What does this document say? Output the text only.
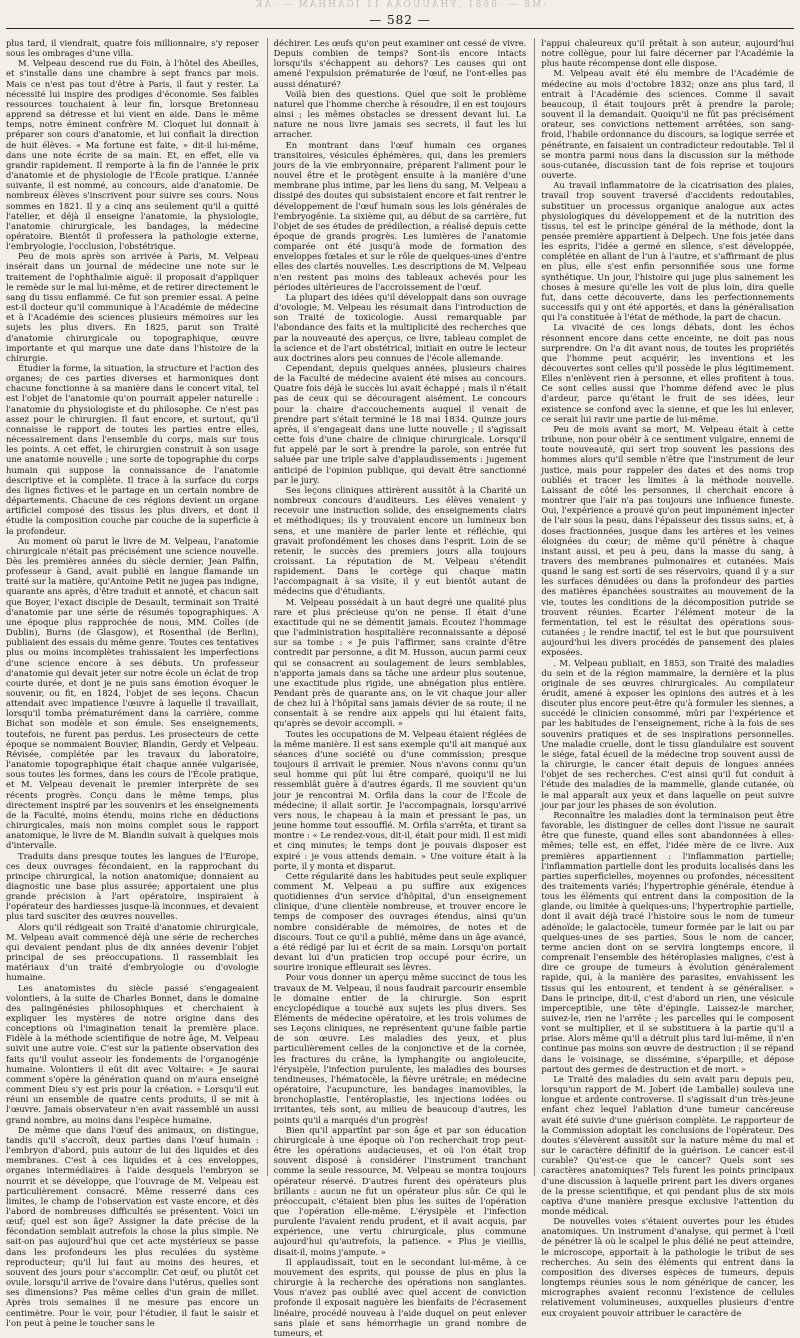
·M8 — ·8681 ,YHAUUOAA 11 IGAHHAM — ·AK
— 582 —

plus tard, il viendrait, quatre fois millionnaire, s'y reposer sous les ombrages d'une villa.

M. Velpeau descend rue du Foin, à l'hôtel des Abeilles, et s'installe dans une chambre à sept francs par mois. Mais ce n'est pas tout d'être à Paris, il faut y rester. La nécessité lui inspire des prodiges d'économie. Ses faibles ressources touchaient à leur fin, lorsque Bretonneau apprend sa détresse et lui vient en aide. Dans le même temps, notre éminent confrère M. Cloquet lui donnait à préparer son cours d'anatomie, et lui confiait la direction de huit élèves. « Ma fortune est faite, » dit-il lui-même, dans une note écrite de sa main. Et, en effet, elle va grandir rapidement. Il remporte à la fin de l'année le prix d'anatomie et de physiologie de l'École pratique. L'année suivante, il est nommé, au concours, aide d'anatomie. De nombreux élèves s'inscrivent pour suivre ses cours. Nous sommes en 1821. Il y a cinq ans seulement qu'il a quitté l'atelier, et déjà il enseigne l'anatomie, la physiologie, l'anatomie chirurgicale, les bandages, la médecine opératoire. Bientôt il professera la pathologie externe, l'embryologie, l'occlusion, l'obstétrique.

Peu de mois après son arrivée à Paris, M. Velpeau insérait dans un journal de médecine une note sur le traitement de l'ophthalmie aiguë: il proposait d'appliquer le remède sur le mal lui-même, et de retirer directement le sang du tissu enflammé. Ce fut son premier essai. A peine est-il docteur qu'il communique à l'Académie de médecine et à l'Académie des sciences plusieurs mémoires sur les sujets les plus divers. En 1825, parut son Traité d'anatomie chirurgicale ou topographique, œuvre importante et qui marque une date dans l'histoire de la chirurgie.

Étudier la forme, la situation, la structure et l'action des organes; de ces parties diverses et harmoniques dont chacune fonctionne à sa manière dans le concert vital, tel est l'objet de l'anatomie qu'on pourrait appeler naturelle : l'anatomie du physiologiste et du philosophe. Ce n'est pas assez pour le chirurgien. Il faut encore, et surtout, qu'il connaisse le rapport de toutes les parties entre elles, nécessairement dans l'ensemble du corps, mais sur tous les points. A cet effet, le chirurgien construit à son usage une anatomie nouvelle ; une sorte de topographie du corps humain qui suppose la connaissance de l'anatomie descriptive et la complète. Il trace à la surface du corps des lignes fictives et le partage en un certain nombre de départements. Chacune de ces régions devient un organe artificiel composé des tissus les plus divers, et dont il étudie la composition couche par couche de la superficie à la profondeur.

Au moment où parut le livre de M. Velpeau, l'anatomie chirurgicale n'était pas précisément une science nouvelle. Dès les premières années du siècle dernier, Jean Palfin, professeur à Gand, avait publié en langue flamande un traité sur la matière, qu'Antoine Petit ne jugea pas indigne, quarante ans après, d'être traduit et annoté, et chacun sait que Boyer, l'exact disciple de Desault, terminait son Traité d'anatomie par une série de résumés topographiques. A une époque plus rapprochée de nous, MM. Colles (de Dublin), Burns (de Glasgow), et Rosenthal (de Berlin), publiaient des essais du même genre. Toutes ces tentatives plus ou moins incomplètes trahissaient les imperfections d'une science encore à ses débuts. Un professeur d'anatomie qui devait jeter sur notre école un éclat de trop courte durée, et dont je ne puis sans émotion évoquer le souvenir, ou fit, en 1824, l'objet de ses leçons. Chacun attendait avec impatience l'œuvre à laquelle il travaillait, lorsqu'il tomba prématurément dans la carrière, comme Bichat son modèle et son émule. Ses enseignements, toutefois, ne furent pas perdus. Les prosecteurs de cette époque se nommaient Bouvier, Blandin, Gerdy et Velpeau. Révisée, complétée par les travaux du laboratoire, l'anatomie topographique était chaque année vulgarisée, sous toutes les formes, dans les cours de l'École pratique, et M. Velpeau devenait le premier interprète de ses récents progrès. Conçu dans le même temps, plus directement inspiré par les souvenirs et les enseignements de la Faculté, moins étendu, moins riche en déductions chirurgicales, mais non moins complet sous le rapport anatomique, le livre de M. Blandin suivait à quelques mois d'intervalle.

Traduits dans presque toutes les langues de l'Europe, ces deux ouvrages fécondaient, en la rapprochant du principe chirurgical, la notion anatomique; donnaient au diagnostic une base plus assurée; apportaient une plus grande précision à l'art opératoire, inspiraient à l'opérateur des hardiesses jusque-là inconnues, et devaient plus tard susciter des œuvres nouvelles.

Alors qu'il rédigeait son Traité d'anatomie chirurgicale, M. Velpeau avait commencé déjà une série de recherches qui devaient pendant plus de dix années devenir l'objet principal de ses préoccupations. Il rassemblait les matériaux d'un traité d'embryologie ou d'ovologie humaine.

Les anatomistes du siècle passé s'engageaient volontiers, à la suite de Charles Bonnet, dans le domaine des palingénésies philosophiques et cherchaient à expliquer les mystères de notre origine dans des conceptions où l'imagination tenait la première place. Fidèle à la méthode scientifique de notre âge, M. Velpeau suivit une autre voie. C'est sur la patiente observation des faits qu'il voulut asseoir les fondements de l'organogénie humaine. Volontiers il eût dit avec Voltaire: « Je saurai comment s'opère la génération quand on m'aura enseigné comment Dieu s'y est pris pour la création. » Lorsqu'il eut réuni un ensemble de quatre cents produits, il se mit à l'œuvre. Jamais observateur n'en avait rassemblé un aussi grand nombre, au moins dans l'espèce humaine.

De même que dans l'œuf des animaux, on distingue, tandis qu'il s'accroît, deux parties dans l'œuf humain : l'embryon d'abord, puis autour de lui des liquides et des membranes. C'est à ces liquides et à ces enveloppes, organes intermédiaires à l'aide desquels l'embryon se nourrit et se développe, que l'ouvrage de M. Velpeau est particulièrement consacré. Même resserré dans ces limites, le champ de l'observation est vaste encore, et dès l'abord de nombreuses difficultés se présentent. Voici un œuf; quel est son âge? Assigner la date précise de la fécondation semblait autrefois la chose la plus simple. Ne sait-on pas aujourd'hui que cet acte mystérieux se passe dans les profondeurs les plus reculées du système reproducteur; qu'il lui faut au moins des heures, et souvent des jours pour s'accomplir. Cet œuf, ou plutôt cet ovule, lorsqu'il arrive de l'ovaire dans l'utérus, quelles sont ses dimensions? Pas même celles d'un grain de millet. Après trois semaines il ne mesure pas encore un centimètre. Pour le voir, pour l'étudier, il faut le saisir et l'on peut à peine le toucher sans le

déchirer. Les œufs qu'on peut examiner ont cessé de vivre. Depuis combien de temps? Sont-ils encore intacts lorsqu'ils s'échappent au dehors? Les causes qui ont amené l'expulsion prématurée de l'œuf, ne l'ont-elles pas aussi dénaturé?

Voilà bien des questions. Quel que soit le problème naturel que l'homme cherche à résoudre, il en est toujours ainsi ; les mêmes obstacles se dressent devant lui. La nature ne nous livre jamais ses secrets, il faut les lui arracher.

En montrant dans l'œuf humain ces organes transitoires, vésicules éphémères, qui, dans les premiers jours de la vie embryonnaire, préparent l'aliment pour le nouvel être et le protègent ensuite à la manière d'une membrane plus intime, par les liens du sang, M. Velpeau a dissipé des doutes qui subsistaient encore et fait rentrer le développement de l'œuf humain sous les lois générales de l'embryogénie. La sixième qui, au début de sa carrière, fut l'objet de ses études de prédilection, a réalisé depuis cette époque de grands progrès. Les lumières de l'anatomie comparée ont été jusqu'à mode de formation des enveloppes fœtales et sur le rôle de quelques-unes d'entre elles des clartés nouvelles. Les descriptions de M. Velpeau n'en restent pas moins des tableaux achevés pour les périodes ultérieures de l'accroissement de l'œuf.

La plupart des idées qu'il développait dans son ouvrage d'ovologie, M. Velpeau les résumait dans l'introduction de son Traité de toxicologie. Aussi remarquable par l'abondance des faits et la multiplicité des recherches que par la nouveauté des aperçus, ce livre, tableau complet de la science et de l'art obstétrical, initiait en outre le lecteur aux doctrines alors peu connues de l'école allemande.

Cependant, depuis quelques années, plusieurs chaires de la Faculté de médecine avaient été mises au concours. Quatre fois déjà le succès lui avait échappé ; mais il n'était pas de ceux qui se découragent aisément. Le concours pour la chaire d'accouchements auquel il venait de prendre part s'était terminé le 18 mai 1834. Quinze jours après, il s'engageait dans une lutte nouvelle ; il s'agissait cette fois d'une chaire de clinique chirurgicale. Lorsqu'il fut appelé par le sort à prendre la parole, son entrée fut saluée par une triple salve d'applaudissements : jugement anticipé de l'opinion publique, qui devait être sanctionné par le jury.

Ses leçons cliniques attirèrent aussitôt à la Charité un nombreux concours d'auditeurs. Les élèves venaient y recevoir une instruction solide, des enseignements clairs et méthodiques; ils y trouvaient encore un lumineux bon sens, et une manière de parler lente et réfléchie, qui gravait profondément les choses dans l'esprit. Loin de se retenir, le succès des premiers jours alla toujours croissant. La réputation de M. Velpeau s'étendit rapidement. Dans le cortège qui chaque matin l'accompagnait à sa visite, il y eut bientôt autant de médecins que d'étudiants.

M. Velpeau possédait à un haut degré une qualité plus rare et plus précieuse qu'on ne pense. Il était d'une exactitude qui ne se démentit jamais. Écoutez l'hommage que l'administration hospitalière reconnaissante a déposé sur sa tombe : « Je puis l'affirmer, sans crainte d'être contredit par personne, a dit M. Husson, aucun parmi ceux qui se consacrent au soulagement de leurs semblables, n'apporta jamais dans sa tâche une ardeur plus soutenue, une exactitude plus rigide, une abnégation plus entière. Pendant près de quarante ans, on le vit chaque jour aller de chez lui à l'hôpital sans jamais dévier de sa route; il ne consentait à se rendre aux appels qui lui étaient faits, qu'après se devoir accompli. »

Toutes les occupations de M. Velpeau étaient réglées de la même manière. Il est sans exemple qu'il ait manqué aux séances d'une société ou d'une commission; presque toujours il arrivait le premier. Nous n'avons connu qu'un seul homme qui pût lui être comparé, quoiqu'il ne lui ressemblât guère à d'autres égards. Il me souvient qu'un jour je rencontrai M. Orfila dans la cour de l'École de médecine; il allait sortir. Je l'accompagnais, lorsqu'arrivé vers nous, le chapeau à la main et pressant le pas, un jeune homme tout essoufflé. M. Orfila s'arrêta, et tirant sa montre : « Le rendez-vous, dit-il, était pour midi. Il est midi et cinq minutes; le temps dont je pouvais disposer est expiré : je vous attends demain. » Une voiture était à la porte, il y monta et disparut.

Cette régularité dans les habitudes peut seule expliquer comment M. Velpeau a pu suffire aux exigences quotidiennes d'un service d'hôpital, d'un enseignement clinique, d'une clientèle nombreuse, et trouver encore le temps de composer des ouvrages étendus, ainsi qu'un nombre considérable de mémoires, de notes et de discours. Tout ce qu'il a publié, même dans un âge avancé, a été rédigé par lui et écrit de sa main. Lorsqu'on portait devant lui d'un praticien trop occupé pour écrire, un sourire ironique effleurait ses lèvres.

Pour vous donner un aperçu même succinct de tous les travaux de M. Velpeau, il nous faudrait parcourir ensemble le domaine entier de la chirurgie. Son esprit encyclopédique a touché aux sujets les plus divers. Ses Éléments de médecine opératoire, et les trois volumes de ses Leçons cliniques, ne représentent qu'une faible partie de son œuvre. Les maladies des yeux, et plus particulièrement celles de la conjonctive et de la cornée, les fractures du crâne, la lymphangite ou angioleucite, l'érysipèle, l'infection purulente, les maladies des bourses tendineuses, l'hématocèle, la fièvre urétrale; en médecine opératoire, l'acupuncture, les bandages inamovibles, la bronchoplastie, l'entéroplastie, les injections iodées ou irritantes, tels sont, au milieu de beaucoup d'autres, les points qu'il a marqués d'un progrès!

Bien qu'il appartînt par son âge et par son éducation chirurgicale à une époque où l'on recherchait trop peut-être les opérations audacieuses, et où l'on était trop souvent disposé à considérer l'instrument tranchant comme la seule ressource, M. Velpeau se montra toujours opérateur réservé. D'autres furent des opérateurs plus brillants : aucun ne fut un opérateur plus sûr. Ce qui le préoccupait, c'étaient bien plus les suites de l'opération que l'opération elle-même. L'érysipèle et l'infection purulente l'avaient rendu prudent, et il avait acquis, par expérience, une vertu chirurgicale, plus commune aujourd'hui qu'autrefois, la patience. « Plus je vieillis, disait-il, moins j'ampute. »

Il applaudissait, tout en le secondant lui-même, à ce mouvement des esprits, qui pousse de plus en plus la chirurgie à la recherche des opérations non sanglantes. Vous n'avez pas oublié avec quel accent de conviction profonde il exposait naguère les bienfaits de l'écrasement linéaire, procédé nouveau à l'aide duquel on peut enlever sans plaie et sans hémorrhagie un grand nombre de tumeurs, et

l'appui chaleureux qu'il prêtait à son auteur, aujourd'hui notre collègue, pour lui faire décerner par l'Académie la plus haute récompense dont elle dispose.

M. Velpeau avait été élu membre de l'Académie de médecine au mois d'octobre 1832; onze ans plus tard, il entrait à l'Académie des sciences. Comme il savait beaucoup, il était toujours prêt à prendre la parole; souvent il la demandait. Quoiqu'il ne fût pas précisément orateur, ses convictions nettement arrêtées, son sang-froid, l'habile ordonnance du discours, sa logique serrée et pénétrante, en faisaient un contradicteur redoutable. Tel il se montra parmi nous dans la discussion sur la méthode sous-cutanée, discussion tant de fois reprise et toujours ouverte.

Au travail inflammatoire de la cicatrisation des plaies, travail trop souvent traversé d'accidents redoutables, substituer un processus organique analogue aux actes physiologiques du développement et de la nutrition des tissus, tel est le principe général de la méthode, dont la pensée première appartient à Delpech. Une fois jetée dans les esprits, l'idée a germé en silence, s'est développée, complétée en allant de l'un à l'autre, et s'affirmant de plus en plus, elle s'est enfin personnifiée sous une forme synthétique. Un jour, l'histoire qui juge plus sainement les choses à mesure qu'elle les voit de plus loin, dira quelle fut, dans cette découverte, dans les perfectionnements successifs qui y ont été apportés, et dans la généralisation qui l'a constituée à l'état de méthode, la part de chacun.

La vivacité de ces longs débats, dont les échos résonnent encore dans cette enceinte, ne doit pas nous surprendre. On l'a dit avant nous, de toutes les propriétés que l'homme peut acquérir, les inventions et les découvertes sont celles qu'il possède le plus légitimement. Elles n'enlèvent rien à personne, et elles profitent à tous. Ce sont celles aussi que l'homme défend avec le plus d'ardeur, parce qu'étant le fruit de ses idées, leur existence se confond avec la sienne, et que les lui enlever, ce serait lui ravir une partie de lui-même.

Peu de mois avant sa mort, M. Velpeau était à cette tribune, non pour obéir à ce sentiment vulgaire, ennemi de toute nouveauté, qui sert trop souvent les passions des hommes alors qu'il semble n'être que l'instrument de leur justice, mais pour rappeler des dates et des noms trop oubliés et tracer les limites à la méthode nouvelle. Laissant de côté les personnes, il cherchait encore à montrer que l'air n'a pas toujours une influence funeste. Oui, l'expérience a prouvé qu'on peut impunément injecter de l'air sous la peau, dans l'épaisseur des tissus sains, et, à doses fractionnées, jusque dans les artères et les veines éloignées du cœur; de même qu'il pénètre à chaque instant aussi, et peu à peu, dans la masse du sang, à travers des membranes pulmonaires et cutanées. Mais quand le sang est sorti de ses réservoirs, quand il y a sur les surfaces dénudées ou dans la profondeur des parties des matières épanchées soustraites au mouvement de la vie, toutes les conditions de la décomposition putride se trouvent réunies. Écarter l'élément moteur de la fermentation, tel est le résultat des opérations sous-cutanées ; le rendre inactif, tel est le but que poursuivent aujourd'hui les divers procédés de pansement des plaies exposées.

. M. Velpeau publiait, en 1853, son Traité des maladies du sein et de la région mammaire, la dernière et la plus originale de ses œuvres chirurgicales. Au compilateur érudit, amené à exposer les opinions des autres et à les discuter plus encore peut-être qu'à formuler les siennes, a succédé le clinicien consommé, mûri par l'expérience et par les habitudes de l'enseignement, riche à la fois de ses souvenirs pratiques et de ses inspirations personnelles. Une maladie cruelle, dont le tissu glandulaire est souvent le siége, fatal écueil de la médecine trop souvent aussi de la chirurgie, le cancer était depuis de longues années l'objet de ses recherches. C'est ainsi qu'il fut conduit à l'étude des maladies de la mammelle, glande cutanée, où le mal apparaît aux yeux et dans laquelle on peut suivre jour par jour les phases de son évolution.

Reconnaître les maladies dont la terminaison peut être favorable, les distinguer de celles dont l'issue ne saurait être que funeste, quand elles sont abandonnées à elles-mêmes; telle est, en effet, l'idée mère de ce livre. Aux premières appartiennent : l'inflammation partielle; l'inflammation partielle dont les produits localisés dans les parties superficielles, moyennes ou profondes, nécessitent des traitements variés; l'hypertrophie générale, étendue à tous les éléments qui entrent dans la composition de la glande, ou limitée à quelques-uns; l'hypertrophie partielle, dont il avait déjà tracé l'histoire sous le nom de tumeur adénoïde; le galactocèle, tumeur formée par le lait ou par quelques-unes de ses parties. Sous le nom de cancer, terme ancien dont on se servira longtemps encore, il comprenait l'ensemble des hétéroplasies malignes, c'est à dire ce groupe de tumeurs à évolution généralement rapide, qui, à la manière des parasites, envahissent les tissus qui les entourent, et tendent à se généraliser. » Dans le principe, dit-il, c'est d'abord un rien, une vésicule imperceptible, une tête d'épingle. Laissez-le marcher, suivez-le, rien ne l'arrête ; les parcelles qui le composent vont se multiplier, et il se substituera à la partie qu'il a prise. Alors même qu'il a détruit plus tard lui-même, il n'en continue pas moins son œuvre de destruction ; il se répand dans le voisinage, se dissémine, s'éparpille, et dépose partout des germes de destruction et de mort. »

Le Traité des maladies du sein avait paru depuis peu, lorsqu'un rapport de M. Jobert (de Lamballe) souleva une longue et ardente controverse. Il s'agissait d'un très-jeune enfant chez lequel l'ablation d'une tumeur cancéreuse avait été suivie d'une guérison complète. Le rapporteur de la Commission adoptait les conclusions de l'opérateur. Des doutes s'élevèrent aussitôt sur la nature même du mal et sur le caractère définitif de la guérison. Le cancer est-il curable? Qu'est-ce que le cancer? Quels sont ses caractères anatomiques? Tels furent les points principaux d'une discussion à laquelle prirent part les divers organes de la presse scientifique, et qui pendant plus de six mois captiva d'une manière presque exclusive l'attention du monde médical.

De nouvelles voies s'étaient ouvertes pour les études anatomiques. Un instrument d'analyse, qui permet à l'œil de pénétrer là où le scalpel le plus délié ne peut atteindre, le microscope, apportait à la pathologie le tribut de ses recherches. Au sein des éléments qui entrent dans la composition des diverses espèces de tumeurs, depuis longtemps réunies sous le nom générique de cancer, les micrographes avaient reconnu l'existence de cellules relativement volumineuses, auxquelles plusieurs d'entre eux croyaient pouvoir attribuer le caractère de
